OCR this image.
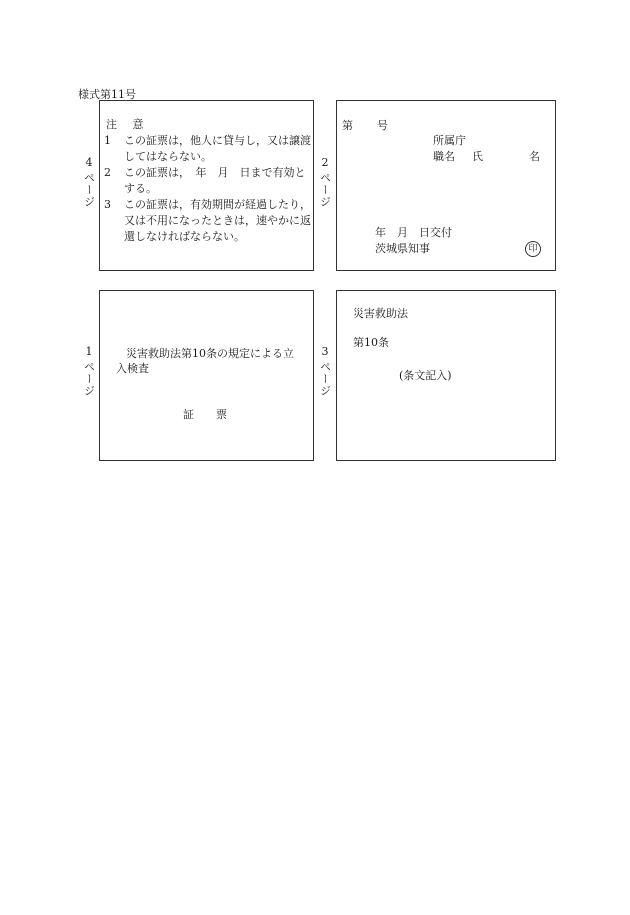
様式第11号
4
ページ
注 意
1	この証票は，他人に貸与し，又は譲渡してはならない。
2	この証票は，　年　月　日まで有効とする。
3	この証票は，有効期間が経過したり，又は不用になったときは，速やかに返還しなければならない。
2
ページ
第 号
所属庁
職名 氏	名
年　月　日交付
茨城県知事	印
1
ページ
災害救助法第10条の規定による立
入検査
証　　票
3
ページ
災害救助法
第10条
(条文記入)
